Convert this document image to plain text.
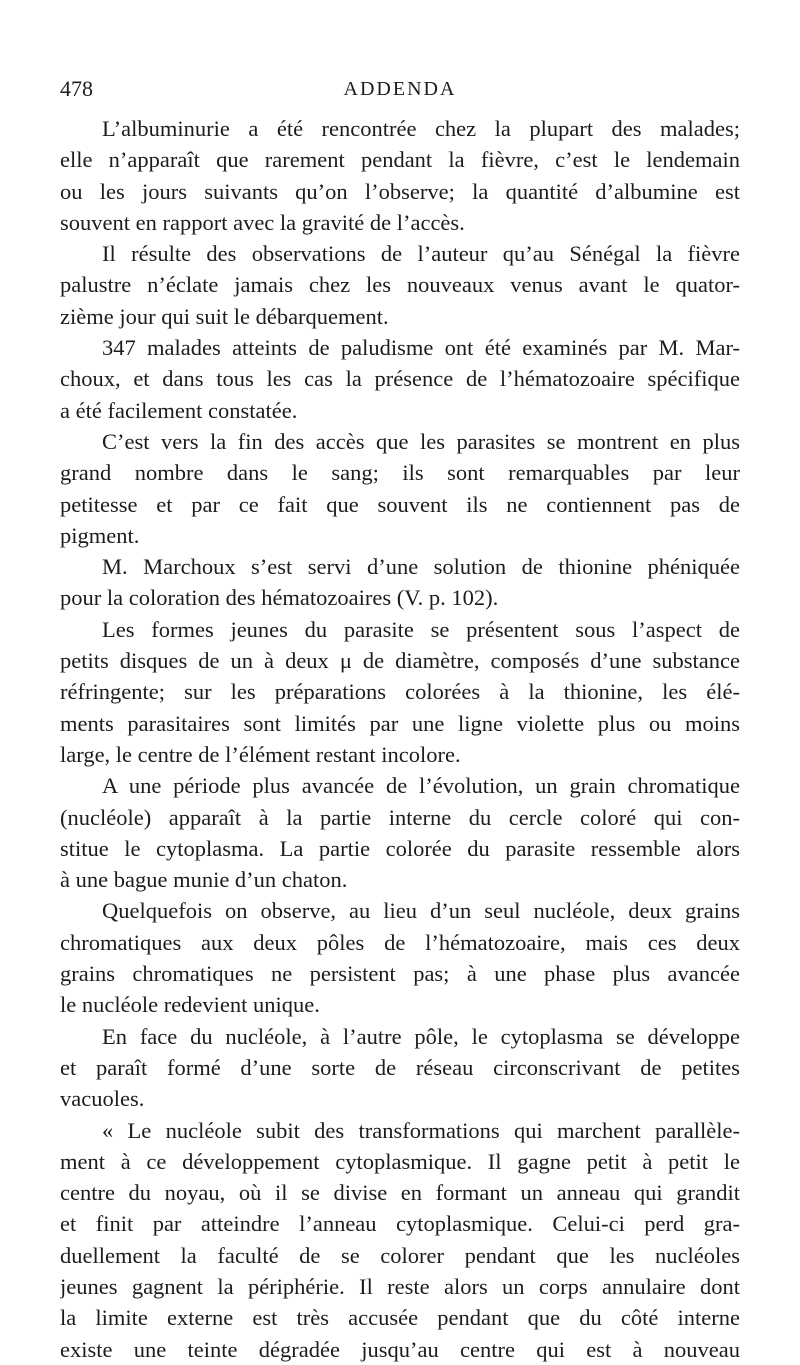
478	ADDENDA
L’albuminurie a été rencontrée chez la plupart des malades;
elle n’apparaît que rarement pendant la fièvre, c’est le lendemain
ou les jours suivants qu’on l’observe; la quantité d’albumine est
souvent en rapport avec la gravité de l’accès.
Il résulte des observations de l’auteur qu’au Sénégal la fièvre
palustre n’éclate jamais chez les nouveaux venus avant le quator-
zième jour qui suit le débarquement.
347 malades atteints de paludisme ont été examinés par M. Mar-
choux, et dans tous les cas la présence de l’hématozoaire spécifique
a été facilement constatée.
C’est vers la fin des accès que les parasites se montrent en plus
grand nombre dans le sang; ils sont remarquables par leur
petitesse et par ce fait que souvent ils ne contiennent pas de
pigment.
M. Marchoux s’est servi d’une solution de thionine phéniquée
pour la coloration des hématozoaires (V. p. 102).
Les formes jeunes du parasite se présentent sous l’aspect de
petits disques de un à deux μ de diamètre, composés d’une substance
réfringente; sur les préparations colorées à la thionine, les élé-
ments parasitaires sont limités par une ligne violette plus ou moins
large, le centre de l’élément restant incolore.
A une période plus avancée de l’évolution, un grain chromatique
(nucléole) apparaît à la partie interne du cercle coloré qui con-
stitue le cytoplasma. La partie colorée du parasite ressemble alors
à une bague munie d’un chaton.
Quelquefois on observe, au lieu d’un seul nucléole, deux grains
chromatiques aux deux pôles de l’hématozoaire, mais ces deux
grains chromatiques ne persistent pas; à une phase plus avancée
le nucléole redevient unique.
En face du nucléole, à l’autre pôle, le cytoplasma se développe
et paraît formé d’une sorte de réseau circonscrivant de petites
vacuoles.
« Le nucléole subit des transformations qui marchent parallèle-
ment à ce développement cytoplasmique. Il gagne petit à petit le
centre du noyau, où il se divise en formant un anneau qui grandit
et finit par atteindre l’anneau cytoplasmique. Celui-ci perd gra-
duellement la faculté de se colorer pendant que les nucléoles
jeunes gagnent la périphérie. Il reste alors un corps annulaire dont
la limite externe est très accusée pendant que du côté interne
existe une teinte dégradée jusqu’au centre qui est à nouveau
